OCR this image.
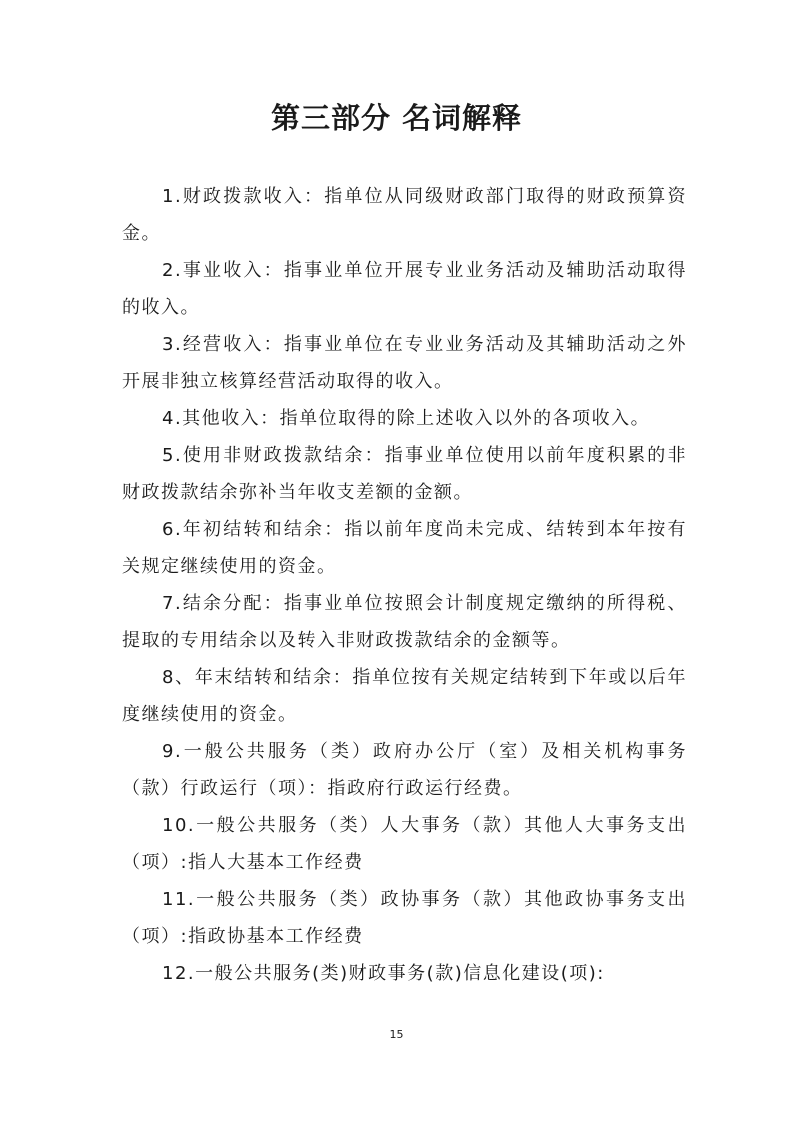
第三部分 名词解释

1.财政拨款收入：指单位从同级财政部门取得的财政预算资金。

2.事业收入：指事业单位开展专业业务活动及辅助活动取得的收入。

3.经营收入：指事业单位在专业业务活动及其辅助活动之外开展非独立核算经营活动取得的收入。

4.其他收入：指单位取得的除上述收入以外的各项收入。

5.使用非财政拨款结余：指事业单位使用以前年度积累的非财政拨款结余弥补当年收支差额的金额。

6.年初结转和结余：指以前年度尚未完成、结转到本年按有关规定继续使用的资金。

7.结余分配：指事业单位按照会计制度规定缴纳的所得税、提取的专用结余以及转入非财政拨款结余的金额等。

8、年末结转和结余：指单位按有关规定结转到下年或以后年度继续使用的资金。

9.一般公共服务（类）政府办公厅（室）及相关机构事务（款）行政运行（项）：指政府行政运行经费。

10.一般公共服务（类）人大事务（款）其他人大事务支出（项）:指人大基本工作经费

11.一般公共服务（类）政协事务（款）其他政协事务支出（项）:指政协基本工作经费

12.一般公共服务(类)财政事务(款)信息化建设(项):

15
